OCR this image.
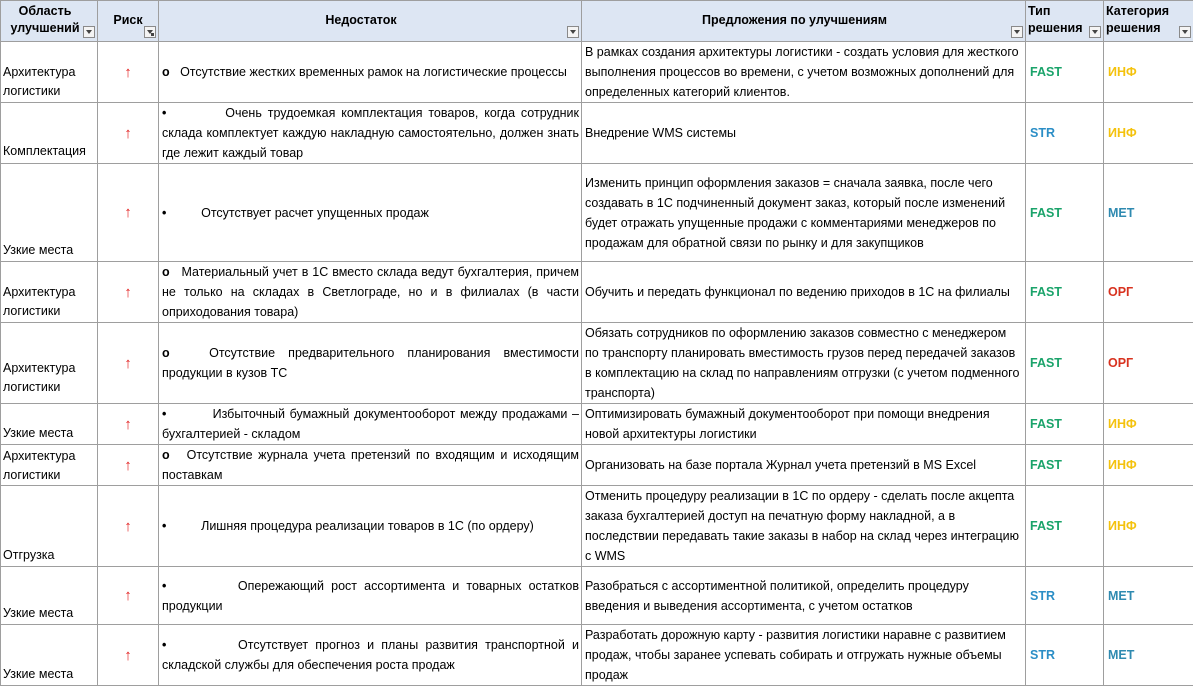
Область улучшений	Риск	Недостаток	Предложения по улучшениям	Тип решения	Категория решения

Архитектура логистики	↑	o Отсутствие жестких временных рамок на логистические процессы	В рамках создания архитектуры логистики - создать условия для жесткого выполнения процессов во времени, с учетом возможных дополнений для определенных категорий клиентов.	FAST	ИНФ

Комплектация	↑	• Очень трудоемкая комплектация товаров, когда сотрудник склада комплектует каждую накладную самостоятельно, должен знать где лежит каждый товар	Внедрение WMS системы	STR	ИНФ

Узкие места	↑	• Отсутствует расчет упущенных продаж	Изменить принцип оформления заказов = сначала заявка, после чего создавать в 1С подчиненный документ заказ, который после изменений будет отражать упущенные продажи с комментариями менеджеров по продажам для обратной связи по рынку и для закупщиков	FAST	МЕТ

Архитектура логистики	↑	o Материальный учет в 1С вместо склада ведут бухгалтерия, причем не только на складах в Светлограде, но и в филиалах (в части оприходования товара)	Обучить и передать функционал по ведению приходов в 1С на филиалы	FAST	ОРГ

Архитектура логистики	↑	o Отсутствие предварительного планирования вместимости продукции в кузов ТС	Обязать сотрудников по оформлению заказов совместно с менеджером по транспорту планировать вместимость грузов перед передачей заказов в комплектацию на склад по направлениям отгрузки (с учетом подменного транспорта)	FAST	ОРГ

Узкие места	↑	• Избыточный бумажный документооборот между продажами – бухгалтерией - складом	Оптимизировать бумажный документооборот при помощи внедрения новой архитектуры логистики	FAST	ИНФ

Архитектура логистики	↑	o Отсутствие журнала учета претензий по входящим и исходящим поставкам	Организовать на базе портала Журнал учета претензий в MS Excel	FAST	ИНФ

Отгрузка	↑	• Лишняя процедура реализации товаров в 1С (по ордеру)	Отменить процедуру реализации в 1С по ордеру - сделать после акцепта заказа бухгалтерией доступ на печатную форму накладной, а в последствии передавать такие заказы в набор на склад через интеграцию с WMS	FAST	ИНФ

Узкие места	↑	• Опережающий рост ассортимента и товарных остатков продукции	Разобраться с ассортиментной политикой, определить процедуру введения и выведения ассортимента, с учетом остатков	STR	МЕТ

Узкие места	↑	• Отсутствует прогноз и планы развития транспортной и складской службы для обеспечения роста продаж	Разработать дорожную карту - развития логистики наравне с развитием продаж, чтобы заранее успевать собирать и отгружать нужные объемы продаж	STR	МЕТ
